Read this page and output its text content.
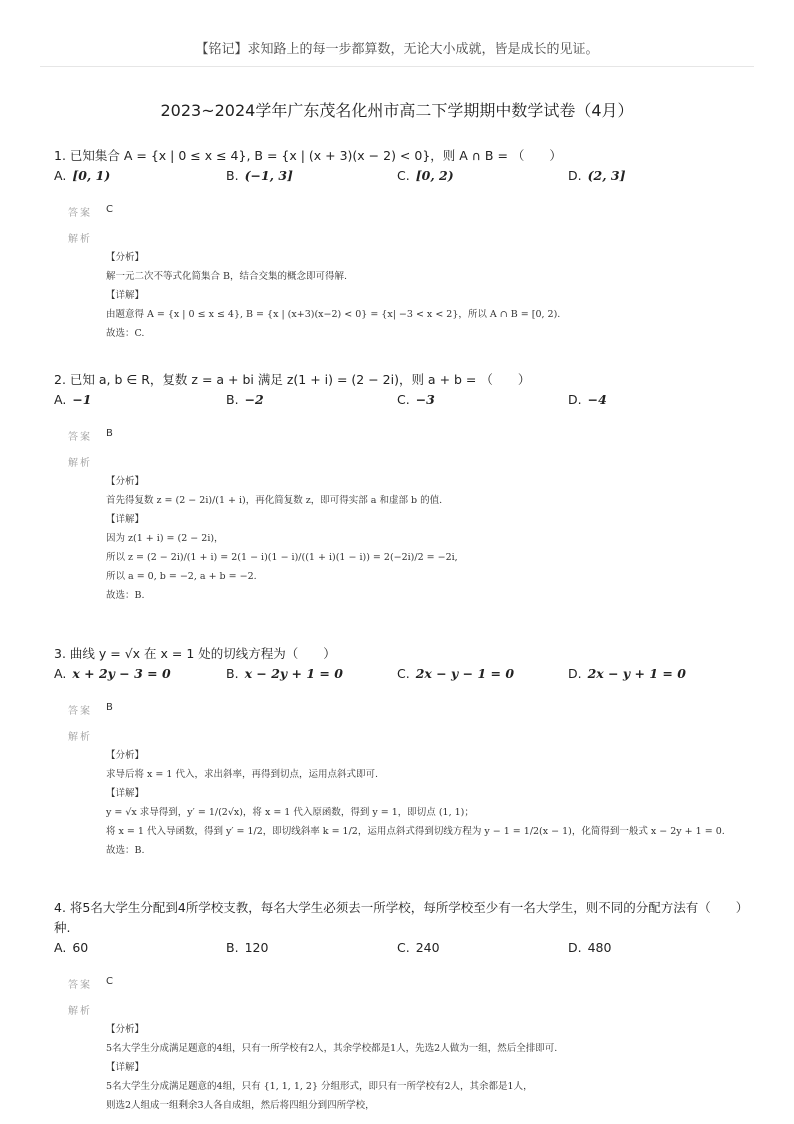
【铭记】求知路上的每一步都算数，无论大小成就，皆是成长的见证。
2023~2024学年广东茂名化州市高二下学期期中数学试卷（4月）
1. 已知集合 A = {x | 0 ≤ x ≤ 4}, B = {x | (x + 3)(x − 2) < 0}，则 A ∩ B = （　　）
A. [0, 1)	B. (−1, 3]	C. [0, 2)	D. (2, 3]
答案 C
解析
【分析】
解一元二次不等式化简集合 B，结合交集的概念即可得解.
【详解】
由题意得 A = {x | 0 ≤ x ≤ 4}, B = {x | (x+3)(x−2) < 0} = {x| −3 < x < 2}，所以 A ∩ B = [0, 2).
故选：C.
2. 已知 a, b ∈ R，复数 z = a + bi 满足 z(1 + i) = (2 − 2i)，则 a + b = （　　）
A. −1	B. −2	C. −3	D. −4
答案 B
解析
【分析】
首先得复数 z = (2 − 2i)/(1 + i)，再化简复数 z，即可得实部 a 和虚部 b 的值.
【详解】
因为 z(1 + i) = (2 − 2i)，
所以 z = (2 − 2i)/(1 + i) = 2(1 − i)(1 − i)/((1 + i)(1 − i)) = 2(−2i)/2 = −2i,
所以 a = 0, b = −2, a + b = −2.
故选：B.
3. 曲线 y = √x 在 x = 1 处的切线方程为（　　）
A. x + 2y − 3 = 0	B. x − 2y + 1 = 0	C. 2x − y − 1 = 0	D. 2x − y + 1 = 0
答案 B
解析
【分析】
求导后将 x = 1 代入，求出斜率，再得到切点，运用点斜式即可.
【详解】
y = √x 求导得到，y′ = 1/(2√x)，将 x = 1 代入原函数，得到 y = 1，即切点 (1, 1)；
将 x = 1 代入导函数，得到 y′ = 1/2，即切线斜率 k = 1/2，运用点斜式得到切线方程为 y − 1 = 1/2(x − 1)，化简得到一般式 x − 2y + 1 = 0.
故选：B.
4. 将5名大学生分配到4所学校支教，每名大学生必须去一所学校，每所学校至少有一名大学生，则不同的分配方法有（　　）种.
A. 60	B. 120	C. 240	D. 480
答案 C
解析
【分析】
5名大学生分成满足题意的4组，只有一所学校有2人，其余学校都是1人，先选2人做为一组，然后全排即可.
【详解】
5名大学生分成满足题意的4组，只有 {1, 1, 1, 2} 分组形式，即只有一所学校有2人，其余都是1人，
则选2人组成一组剩余3人各自成组，然后将四组分到四所学校，
